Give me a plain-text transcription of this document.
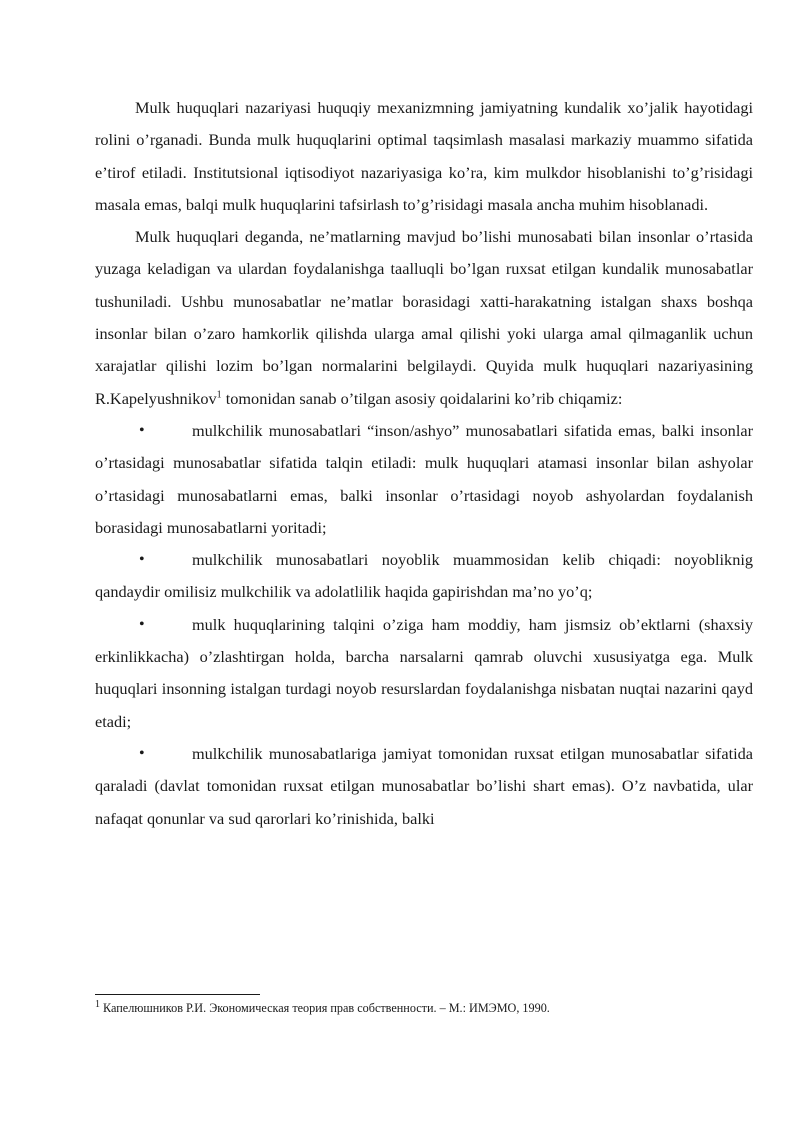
Mulk huquqlari nazariyasi huquqiy mexanizmning jamiyatning kundalik xo’jalik hayotidagi rolini o’rganadi. Bunda mulk huquqlarini optimal taqsimlash masalasi markaziy muammo sifatida e’tirof etiladi. Institutsional iqtisodiyot nazariyasiga ko’ra, kim mulkdor hisoblanishi to’g’risidagi masala emas, balqi mulk huquqlarini tafsirlash to’g’risidagi masala ancha muhim hisoblanadi.

Mulk huquqlari deganda, ne’matlarning mavjud bo’lishi munosabati bilan insonlar o’rtasida yuzaga keladigan va ulardan foydalanishga taalluqli bo’lgan ruxsat etilgan kundalik munosabatlar tushuniladi. Ushbu munosabatlar ne’matlar borasidagi xatti-harakatning istalgan shaxs boshqa insonlar bilan o’zaro hamkorlik qilishda ularga amal qilishi yoki ularga amal qilmaganlik uchun xarajatlar qilishi lozim bo’lgan normalarini belgilaydi. Quyida mulk huquqlari nazariyasining R.Kapelyushnikov$^1$ tomonidan sanab o’tilgan asosiy qoidalarini ko’rib chiqamiz:

•	mulkchilik munosabatlari “inson/ashyo” munosabatlari sifatida emas, balki insonlar o’rtasidagi munosabatlar sifatida talqin etiladi: mulk huquqlari atamasi insonlar bilan ashyolar o’rtasidagi munosabatlarni emas, balki insonlar o’rtasidagi noyob ashyolardan foydalanish borasidagi munosabatlarni yoritadi;

•	mulkchilik munosabatlari noyoblik muammosidan kelib chiqadi: noyobliknig qandaydir omilisiz mulkchilik va adolatlilik haqida gapirishdan ma’no yo’q;

•	mulk huquqlarining talqini o’ziga ham moddiy, ham jismsiz ob’ektlarni (shaxsiy erkinlikkacha) o’zlashtirgan holda, barcha narsalarni qamrab oluvchi xususiyatga ega. Mulk huquqlari insonning istalgan turdagi noyob resurslardan foydalanishga nisbatan nuqtai nazarini qayd etadi;

•	mulkchilik munosabatlariga jamiyat tomonidan ruxsat etilgan munosabatlar sifatida qaraladi (davlat tomonidan ruxsat etilgan munosabatlar bo’lishi shart emas). O’z navbatida, ular nafaqat qonunlar va sud qarorlari ko’rinishida, balki

$^1$ Капелюшников Р.И. Экономическая теория прав собственности. – М.: ИМЭМО, 1990.
